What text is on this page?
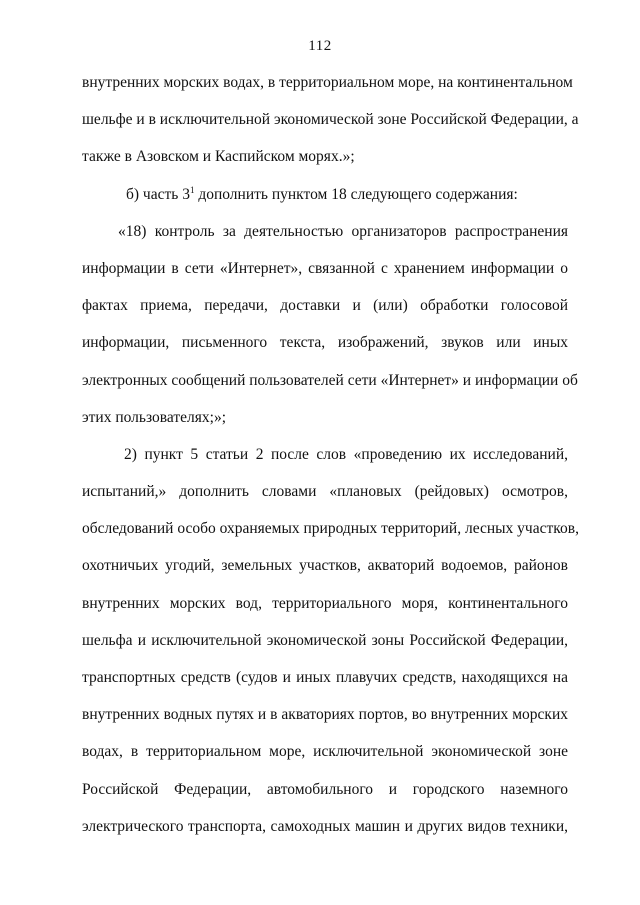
112
внутренних морских водах, в территориальном море, на континентальном
шельфе и в исключительной экономической зоне Российской Федерации, а
также в Азовском и Каспийском морях.»;
б) часть $3^1$ дополнить пунктом 18 следующего содержания:
«18) контроль за деятельностью организаторов распространения
информации в сети «Интернет», связанной с хранением информации о
фактах приема, передачи, доставки и (или) обработки голосовой
информации, письменного текста, изображений, звуков или иных
электронных сообщений пользователей сети «Интернет» и информации об
этих пользователях;»;
2) пункт 5 статьи 2 после слов «проведению их исследований,
испытаний,» дополнить словами «плановых (рейдовых) осмотров,
обследований особо охраняемых природных территорий, лесных участков,
охотничьих угодий, земельных участков, акваторий водоемов, районов
внутренних морских вод, территориального моря, континентального
шельфа и исключительной экономической зоны Российской Федерации,
транспортных средств (судов и иных плавучих средств, находящихся на
внутренних водных путях и в акваториях портов, во внутренних морских
водах, в территориальном море, исключительной экономической зоне
Российской Федерации, автомобильного и городского наземного
электрического транспорта, самоходных машин и других видов техники,
